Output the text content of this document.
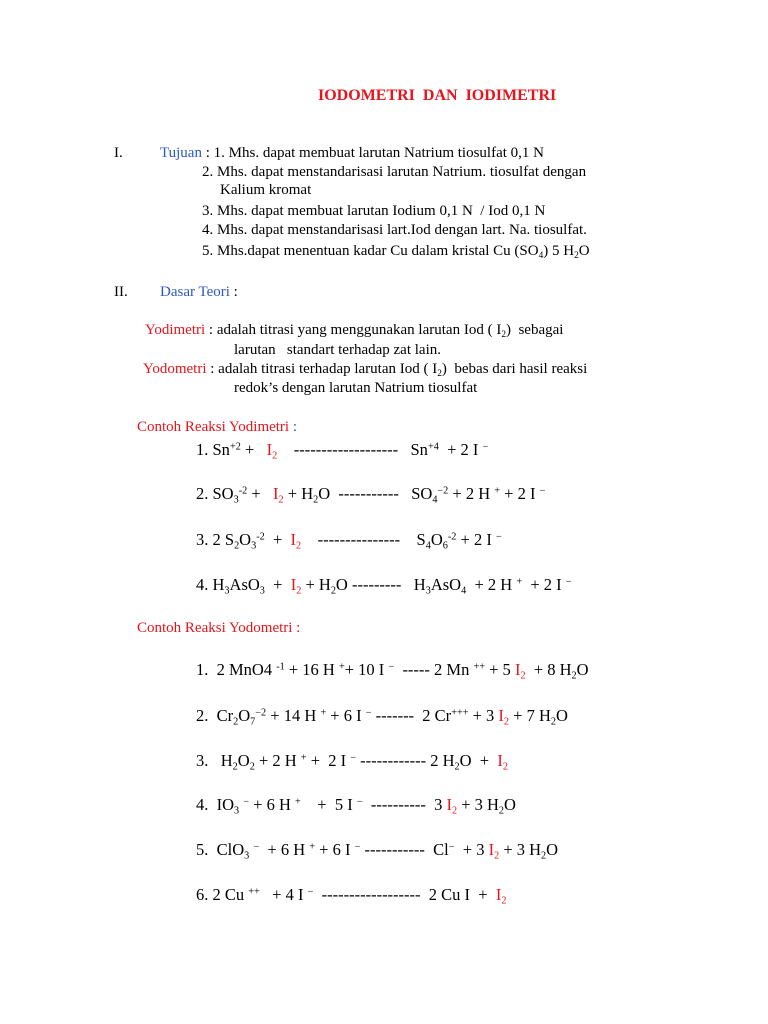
IODOMETRI  DAN  IODIMETRI
I. Tujuan : 1. Mhs. dapat membuat larutan Natrium tiosulfat 0,1 N
2. Mhs. dapat menstandarisasi larutan Natrium. tiosulfat dengan
Kalium kromat
3. Mhs. dapat membuat larutan Iodium 0,1 N  / Iod 0,1 N
4. Mhs. dapat menstandarisasi lart.Iod dengan lart. Na. tiosulfat.
5. Mhs.dapat menentuan kadar Cu dalam kristal Cu $(SO_4)$ 5 $H_2O$
II. Dasar Teori :
Yodimetri : adalah titrasi yang menggunakan larutan Iod ( $I_2$)  sebagai
larutan   standart terhadap zat lain.
Yodometri : adalah titrasi terhadap larutan Iod ( $I_2$)  bebas dari hasil reaksi
redok’s dengan larutan Natrium tiosulfat
Contoh Reaksi Yodimetri :
1. $Sn^{+2} + I_2$    -------------------   $Sn^{+4} + 2$ I −
2. $SO_3^{-2} + I_2 + H_2O$  -----------   $SO_4^{-2} + 2$ H + + 2 I −
3. 2 $S_2O_3^{-2} + I_2$    ---------------    $S_4O_6^{-2} + 2$ I −
4. $H_3AsO_3 + I_2 + H_2O$ ---------   $H_3AsO_4 + 2$ H +  + 2 I −
Contoh Reaksi Yodometri :
1.  2 MnO4 $^{-1}$ + 16 H ++ 10 I −  ----- 2 Mn ++ + 5 $I_2 + 8$ $H_2O$
2.  $Cr_2O_7^{-2} + 14$ H + + 6 I − -------  2 Cr+++ + 3 $I_2 + 7$ $H_2O$
3.   $H_2O_2 + 2$ H + +  2 I − ------------ 2 $H_2O + I_2$
4.  $IO_3$ − + 6 H +    +  5 I −  ----------  3 $I_2 + 3$ $H_2O$
5.  ClO$_3$ −  + 6 H + + 6 I − -----------  Cl−  + 3 $I_2 + 3$ $H_2O$
6. 2 Cu ++   + 4 I −  ------------------  2 Cu $I + I_2$
